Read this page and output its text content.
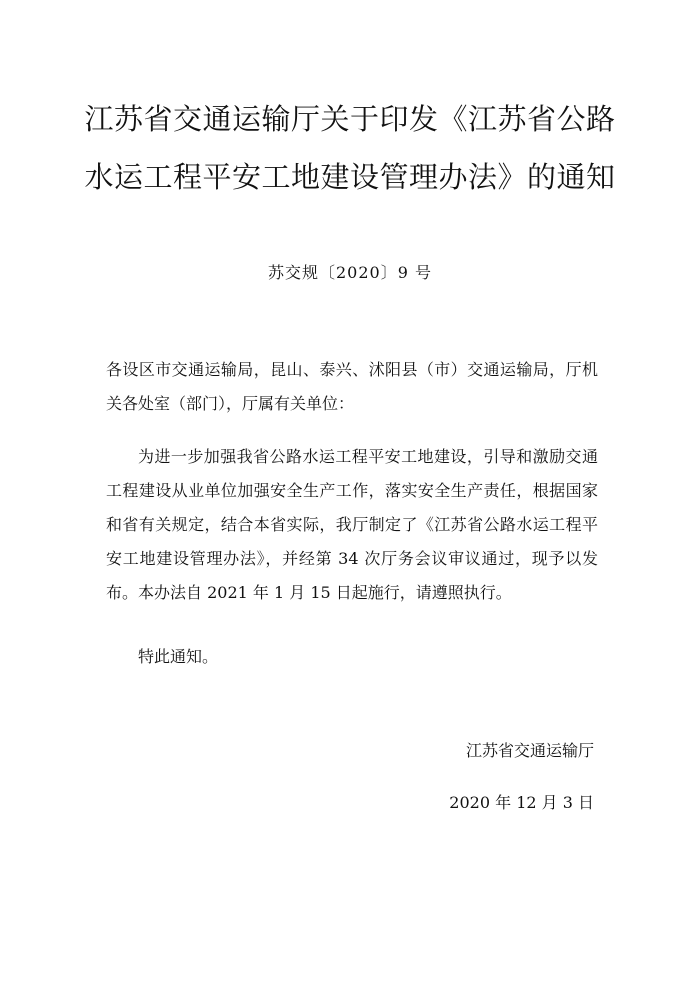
江苏省交通运输厅关于印发《江苏省公路
水运工程平安工地建设管理办法》的通知
苏交规〔2020〕9 号
各设区市交通运输局，昆山、泰兴、沭阳县（市）交通运输局，厅机关各处室（部门），厅属有关单位：
为进一步加强我省公路水运工程平安工地建设，引导和激励交通工程建设从业单位加强安全生产工作，落实安全生产责任，根据国家和省有关规定，结合本省实际，我厅制定了《江苏省公路水运工程平安工地建设管理办法》，并经第 34 次厅务会议审议通过，现予以发布。本办法自 2021 年 1 月 15 日起施行，请遵照执行。
特此通知。
江苏省交通运输厅
2020 年 12 月 3 日
